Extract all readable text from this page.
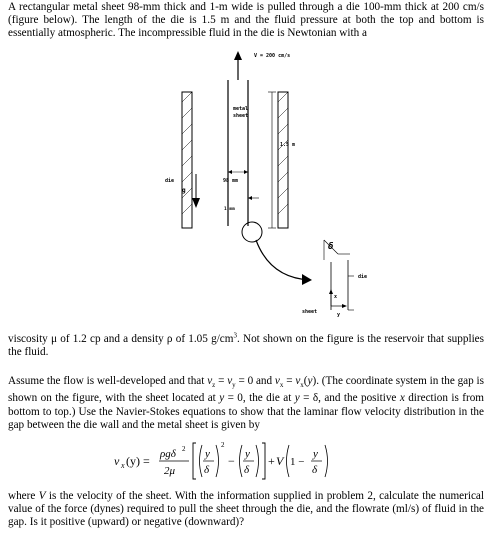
A rectangular metal sheet 98-mm thick and 1-m wide is pulled through a die 100-mm thick at 200 cm/s (figure below). The length of the die is 1.5 m and the fluid pressure at both the top and bottom is essentially atmospheric. The incompressible fluid in the die is Newtonian with a

V = 200 cm/s
metal
sheet
1.5 m
die
g
98 mm
1 mm
die
δ
x
y
sheet

viscosity μ of 1.2 cp and a density ρ of 1.05 $g/cm^3$. Not shown on the figure is the reservoir that supplies the fluid.

Assume the flow is well-developed and that $v_z = v_y = 0$ and $v_x = v_x(y)$. (The coordinate system in the gap is shown on the figure, with the sheet located at y = 0, the die at y = δ, and the positive x direction is from bottom to top.) Use the Navier-Stokes equations to show that the laminar flow velocity distribution in the gap between the die wall and the metal sheet is given by

v x (y) = ρgδ 2
2μ
y
δ
2
− y
δ
+ V 1 −
y
δ

where V is the velocity of the sheet. With the information supplied in problem 2, calculate the numerical value of the force (dynes) required to pull the sheet through the die, and the flowrate (ml/s) of fluid in the gap. Is it positive (upward) or negative (downward)?
